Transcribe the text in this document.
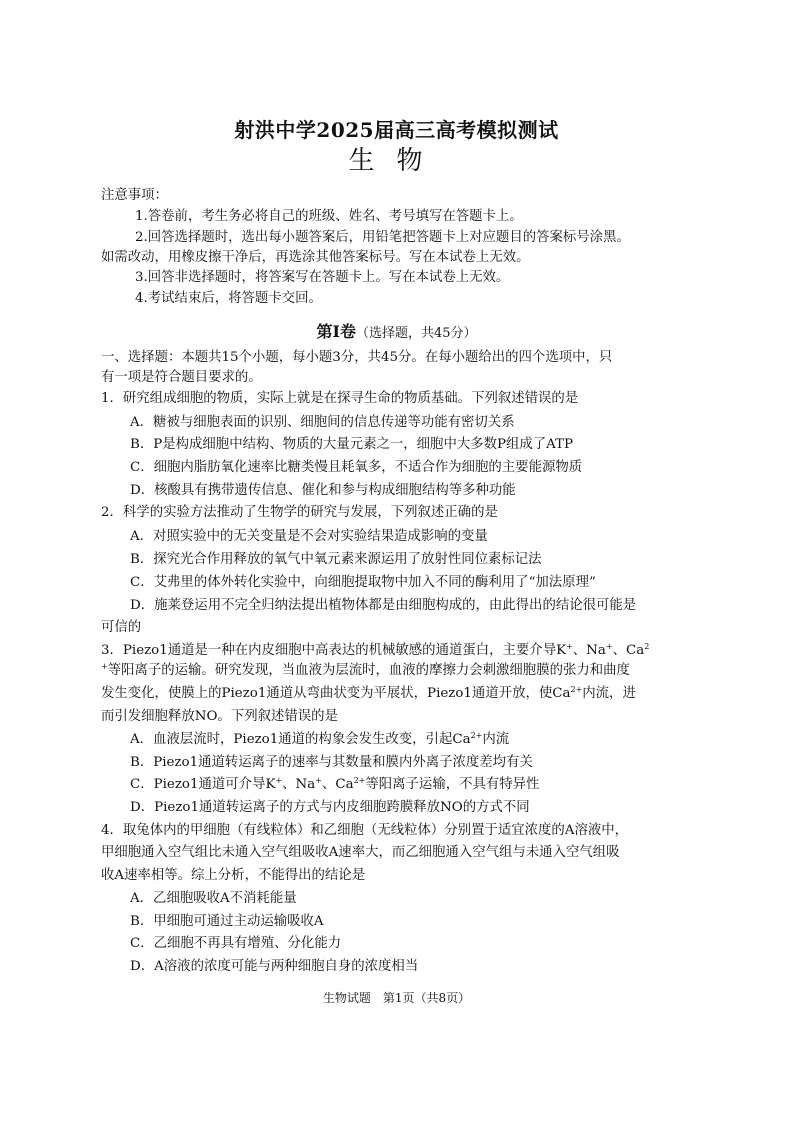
射洪中学2025届高三高考模拟测试
生物
注意事项：
1.答卷前，考生务必将自己的班级、姓名、考号填写在答题卡上。
2.回答选择题时，选出每小题答案后，用铅笔把答题卡上对应题目的答案标号涂黑。
如需改动，用橡皮擦干净后，再选涂其他答案标号。写在本试卷上无效。
3.回答非选择题时，将答案写在答题卡上。写在本试卷上无效。
4.考试结束后，将答题卡交回。
第Ⅰ卷（选择题，共45分）
一、选择题：本题共15个小题，每小题3分，共45分。在每小题给出的四个选项中，只
有一项是符合题目要求的。
1．研究组成细胞的物质，实际上就是在探寻生命的物质基础。下列叙述错误的是
A．糖被与细胞表面的识别、细胞间的信息传递等功能有密切关系
B．P是构成细胞中结构、物质的大量元素之一，细胞中大多数P组成了ATP
C．细胞内脂肪氧化速率比糖类慢且耗氧多，不适合作为细胞的主要能源物质
D．核酸具有携带遗传信息、催化和参与构成细胞结构等多种功能
2．科学的实验方法推动了生物学的研究与发展，下列叙述正确的是
A．对照实验中的无关变量是不会对实验结果造成影响的变量
B．探究光合作用释放的氧气中氧元素来源运用了放射性同位素标记法
C．艾弗里的体外转化实验中，向细胞提取物中加入不同的酶利用了“加法原理”
D．施莱登运用不完全归纳法提出植物体都是由细胞构成的，由此得出的结论很可能是
可信的
3．Piezo1通道是一种在内皮细胞中高表达的机械敏感的通道蛋白，主要介导K+、Na+、Ca$^2$
+等阳离子的运输。研究发现，当血液为层流时，血液的摩擦力会刺激细胞膜的张力和曲度
发生变化，使膜上的Piezo1通道从弯曲状变为平展状，Piezo1通道开放，使$Ca^{2+}$内流，进
而引发细胞释放NO。下列叙述错误的是
A．血液层流时，Piezo1通道的构象会发生改变，引起$Ca^{2+}$内流
B．Piezo1通道转运离子的速率与其数量和膜内外离子浓度差均有关
C．Piezo1通道可介导K+、Na+、$Ca^{2+}$等阳离子运输，不具有特异性
D．Piezo1通道转运离子的方式与内皮细胞跨膜释放NO的方式不同
4．取兔体内的甲细胞（有线粒体）和乙细胞（无线粒体）分别置于适宜浓度的A溶液中，
甲细胞通入空气组比未通入空气组吸收A速率大，而乙细胞通入空气组与未通入空气组吸
收A速率相等。综上分析，不能得出的结论是
A．乙细胞吸收A不消耗能量
B．甲细胞可通过主动运输吸收A
C．乙细胞不再具有增殖、分化能力
D．A溶液的浓度可能与两种细胞自身的浓度相当
生物试题　第1页（共8页）
